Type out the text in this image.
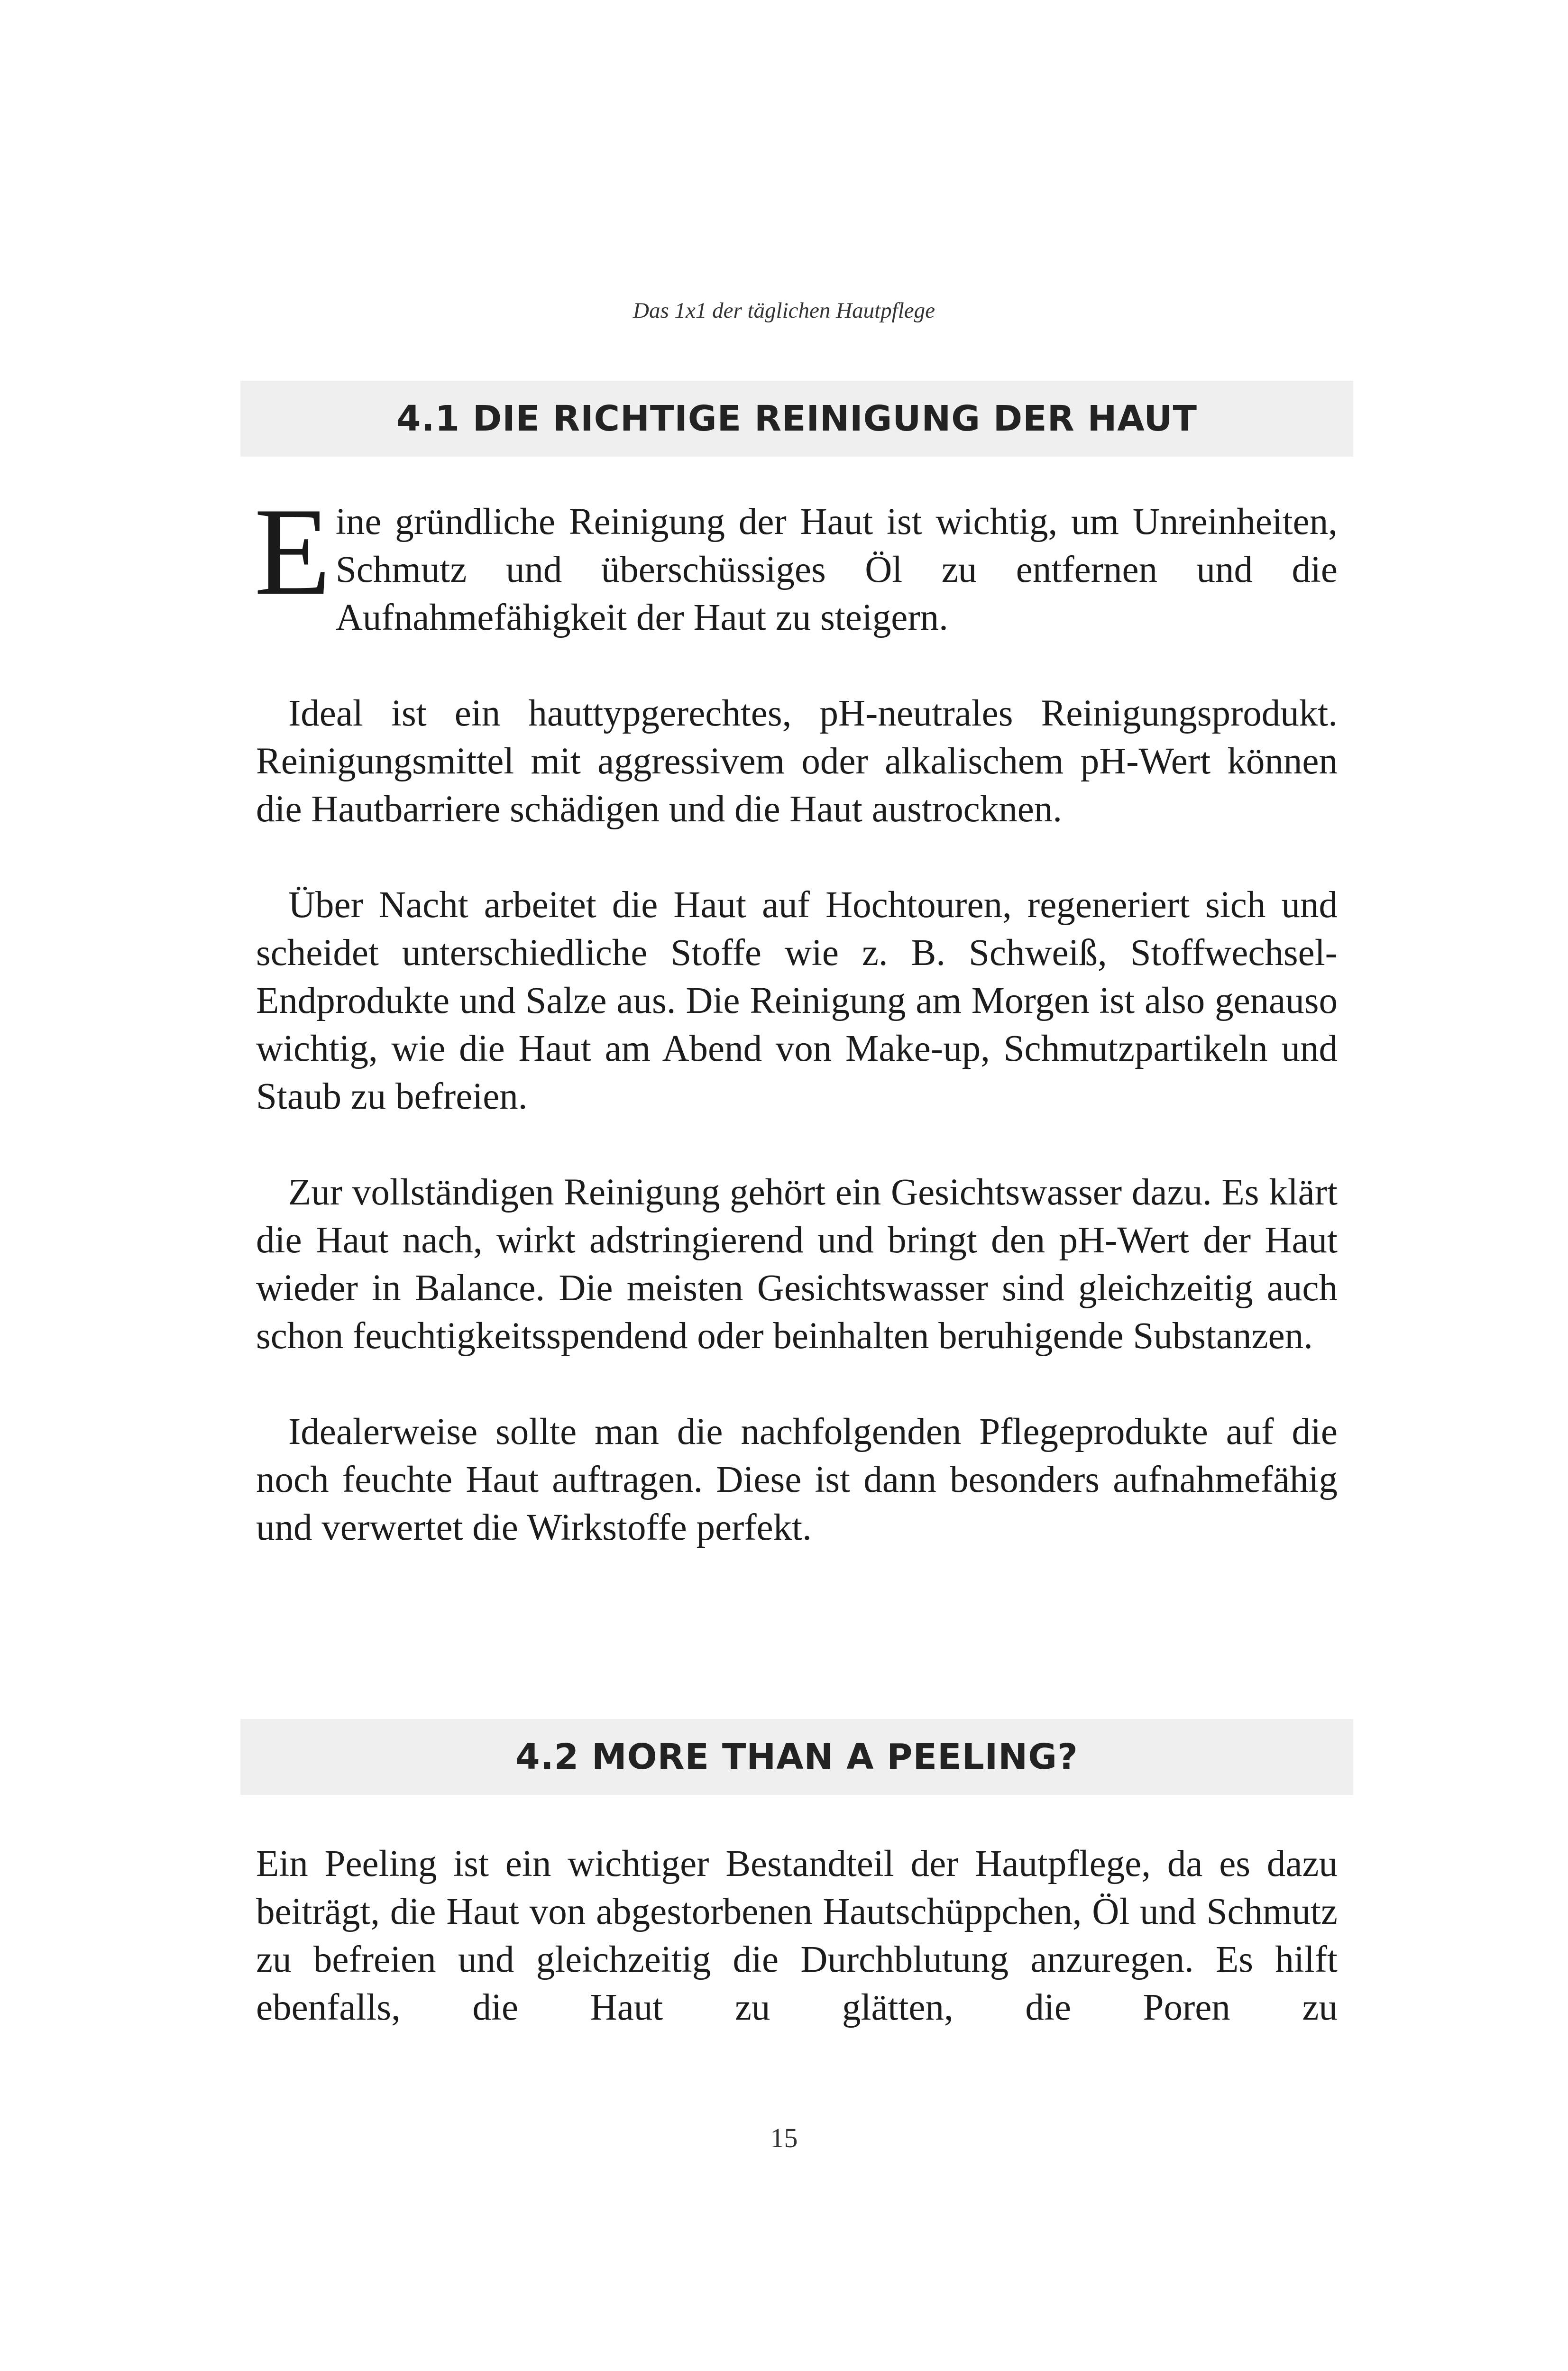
Das 1x1 der täglichen Hautpflege
4.1 DIE RICHTIGE REINIGUNG DER HAUT

Eine gründliche Reinigung der Haut ist wichtig, um Unreinheiten, Schmutz und überschüssiges Öl zu entfernen und die Aufnahmefähigkeit der Haut zu steigern.

Ideal ist ein hauttypgerechtes, pH-neutrales Reinigungsprodukt. Reinigungsmittel mit aggressivem oder alkalischem pH-Wert können die Hautbarriere schädigen und die Haut austrocknen.

Über Nacht arbeitet die Haut auf Hochtouren, regeneriert sich und scheidet unterschiedliche Stoffe wie z. B. Schweiß, Stoffwechsel-Endprodukte und Salze aus. Die Reinigung am Morgen ist also genauso wichtig, wie die Haut am Abend von Make-up, Schmutzpartikeln und Staub zu befreien.

Zur vollständigen Reinigung gehört ein Gesichtswasser dazu. Es klärt die Haut nach, wirkt adstringierend und bringt den pH-Wert der Haut wieder in Balance. Die meisten Gesichtswasser sind gleichzeitig auch schon feuchtigkeitsspendend oder beinhalten beruhigende Substanzen.

Idealerweise sollte man die nachfolgenden Pflegeprodukte auf die noch feuchte Haut auftragen. Diese ist dann besonders aufnahmefähig und verwertet die Wirkstoffe perfekt.

4.2 MORE THAN A PEELING?

Ein Peeling ist ein wichtiger Bestandteil der Hautpflege, da es dazu beiträgt, die Haut von abgestorbenen Hautschüppchen, Öl und Schmutz zu befreien und gleichzeitig die Durchblutung anzuregen. Es hilft ebenfalls, die Haut zu glätten, die Poren zu

15
